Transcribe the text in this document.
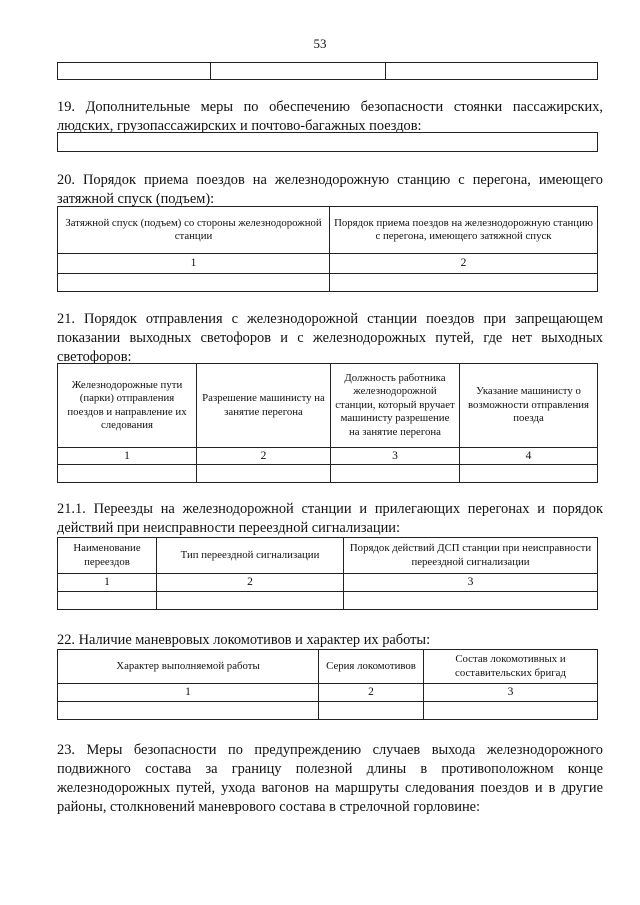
53

19. Дополнительные меры по обеспечению безопасности стоянки пассажирских, людских, грузопассажирских и почтово-багажных поездов:
20. Порядок приема поездов на железнодорожную станцию с перегона, имеющего затяжной спуск (подъем):
Затяжной спуск (подъем) со стороны железнодорожной станции	Порядок приема поездов на железнодорожную станцию с перегона, имеющего затяжной спуск
1	2

21. Порядок отправления с железнодорожной станции поездов при запрещающем показании выходных светофоров и с железнодорожных путей, где нет выходных светофоров:
Железнодорожные пути (парки) отправления поездов и направление их следования	Разрешение машинисту на занятие перегона	Должность работника железнодорожной станции, который вручает машинисту разрешение на занятие перегона	Указание машинисту о возможности отправления поезда
1	2	3	4

21.1. Переезды на железнодорожной станции и прилегающих перегонах и порядок действий при неисправности переездной сигнализации:
Наименование переездов	Тип переездной сигнализации	Порядок действий ДСП станции при неисправности переездной сигнализации
1	2	3

22. Наличие маневровых локомотивов и характер их работы:
Характер выполняемой работы	Серия локомотивов	Состав локомотивных и составительских бригад
1	2	3

23. Меры безопасности по предупреждению случаев выхода железнодорожного подвижного состава за границу полезной длины в противоположном конце железнодорожных путей, ухода вагонов на маршруты следования поездов и в другие районы, столкновений маневрового состава в стрелочной горловине:
